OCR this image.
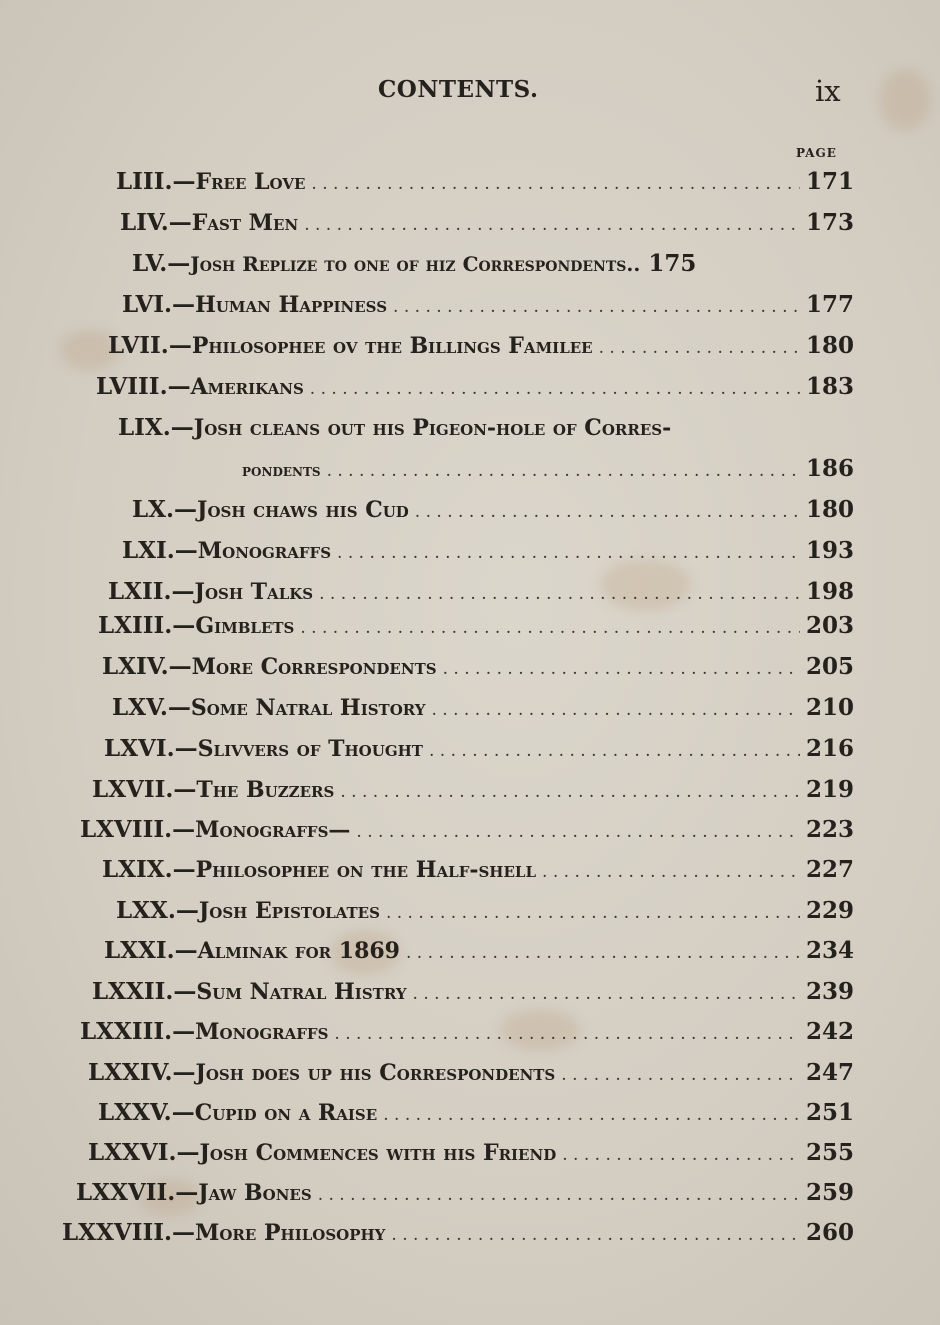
CONTENTS.	ix
PAGE
LIII.— Free Love . . .	171
LIV.— Fast Men . . .	173
LV.— Josh Replize to one of hiz Correspondents.. 175
LVI.— Human Happiness . . .	177
LVII.— Philosophee ov the Billings Familee . . .	180
LVIII.— Amerikans . . .	183
LIX.—Josh cleans out his Pigeon-hole of Corres-
pondents . . .	186
LX.— Josh chaws his Cud . . .	180
LXI.— Monograffs . . .	193
LXII.— Josh Talks . . .	198
LXIII.— Gimblets . . .	203
LXIV.— More Correspondents . . .	205
LXV.— Some Natral History . . .	210
LXVI.— Slivvers of Thought . . .	216
LXVII.— The Buzzers . . .	219
LXVIII.— Monograffs— . . .	223
LXIX.— Philosophee on the Half-shell . . .	227
LXX.— Josh Epistolates . . .	229
LXXI.— Alminak for 1869 . . .	234
LXXII.— Sum Natral Histry . . .	239
LXXIII.— Monograffs . . .	242
LXXIV.— Josh does up his Correspondents . . .	247
LXXV.— Cupid on a Raise . . .	251
LXXVI.— Josh Commences with his Friend . . .	255
LXXVII.— Jaw Bones . . .	259
LXXVIII.— More Philosophy . . .	260
